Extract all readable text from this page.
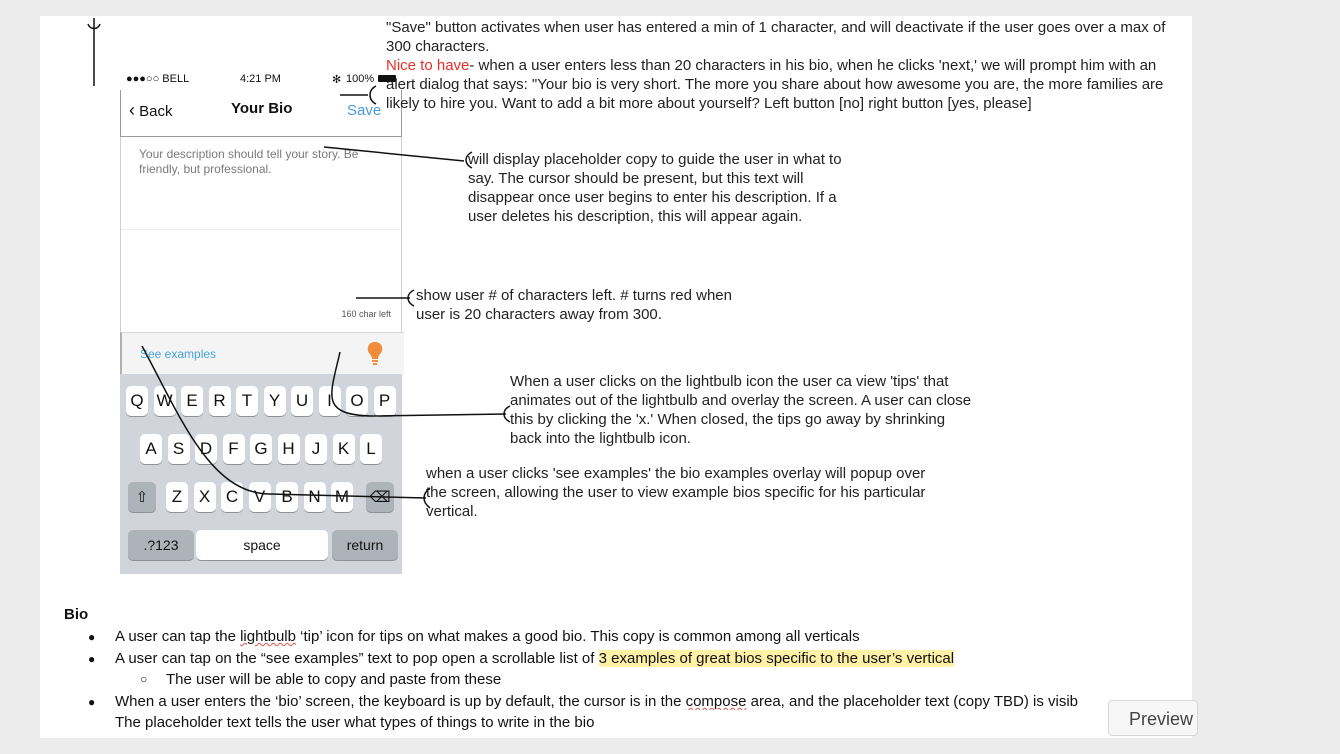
●●●○○ BELL	4:21 PM	✻ 100%
‹ Back	Your Bio	Save
Your description should tell your story. Be friendly, but professional.
160 char left
See examples
Q W E R T Y U	I	O P
A S D F G H	J	K	L
Z X C V B N M
⇧	⌫
.?123	space	return
"Save" button activates when user has entered a min of 1 character, and will deactivate if the user goes over a max of 300 characters.
Nice to have- when a user enters less than 20 characters in his bio, when he clicks 'next,' we will prompt him with an alert dialog that says: "Your bio is very short. The more you share about how awesome you are, the more families are likely to hire you. Want to add a bit more about yourself? Left button [no] right button [yes, please]
will display placeholder copy to guide the user in what to say. The cursor should be present, but this text will disappear once user begins to enter his description. If a user deletes his description, this will appear again.
show user # of characters left. # turns red when user is 20 characters away from 300.
When a user clicks on the lightbulb icon the user ca view 'tips' that animates out of the lightbulb and overlay the screen. A user can close this by clicking the 'x.' When closed, the tips go away by shrinking back into the lightbulb icon.
when a user clicks 'see examples' the bio examples overlay will popup over the screen, allowing the user to view example bios specific for his particular vertical.
Bio
● A user can tap the lightbulb ‘tip’ icon for tips on what makes a good bio. This copy is common among all verticals
● A user can tap on the “see examples” text to pop open a scrollable list of 3 examples of great bios specific to the user’s vertical
○ The user will be able to copy and paste from these
● When a user enters the ‘bio’ screen, the keyboard is up by default, the cursor is in the compose area, and the placeholder text (copy TBD) is visib
The placeholder text tells the user what types of things to write in the bio	Preview
